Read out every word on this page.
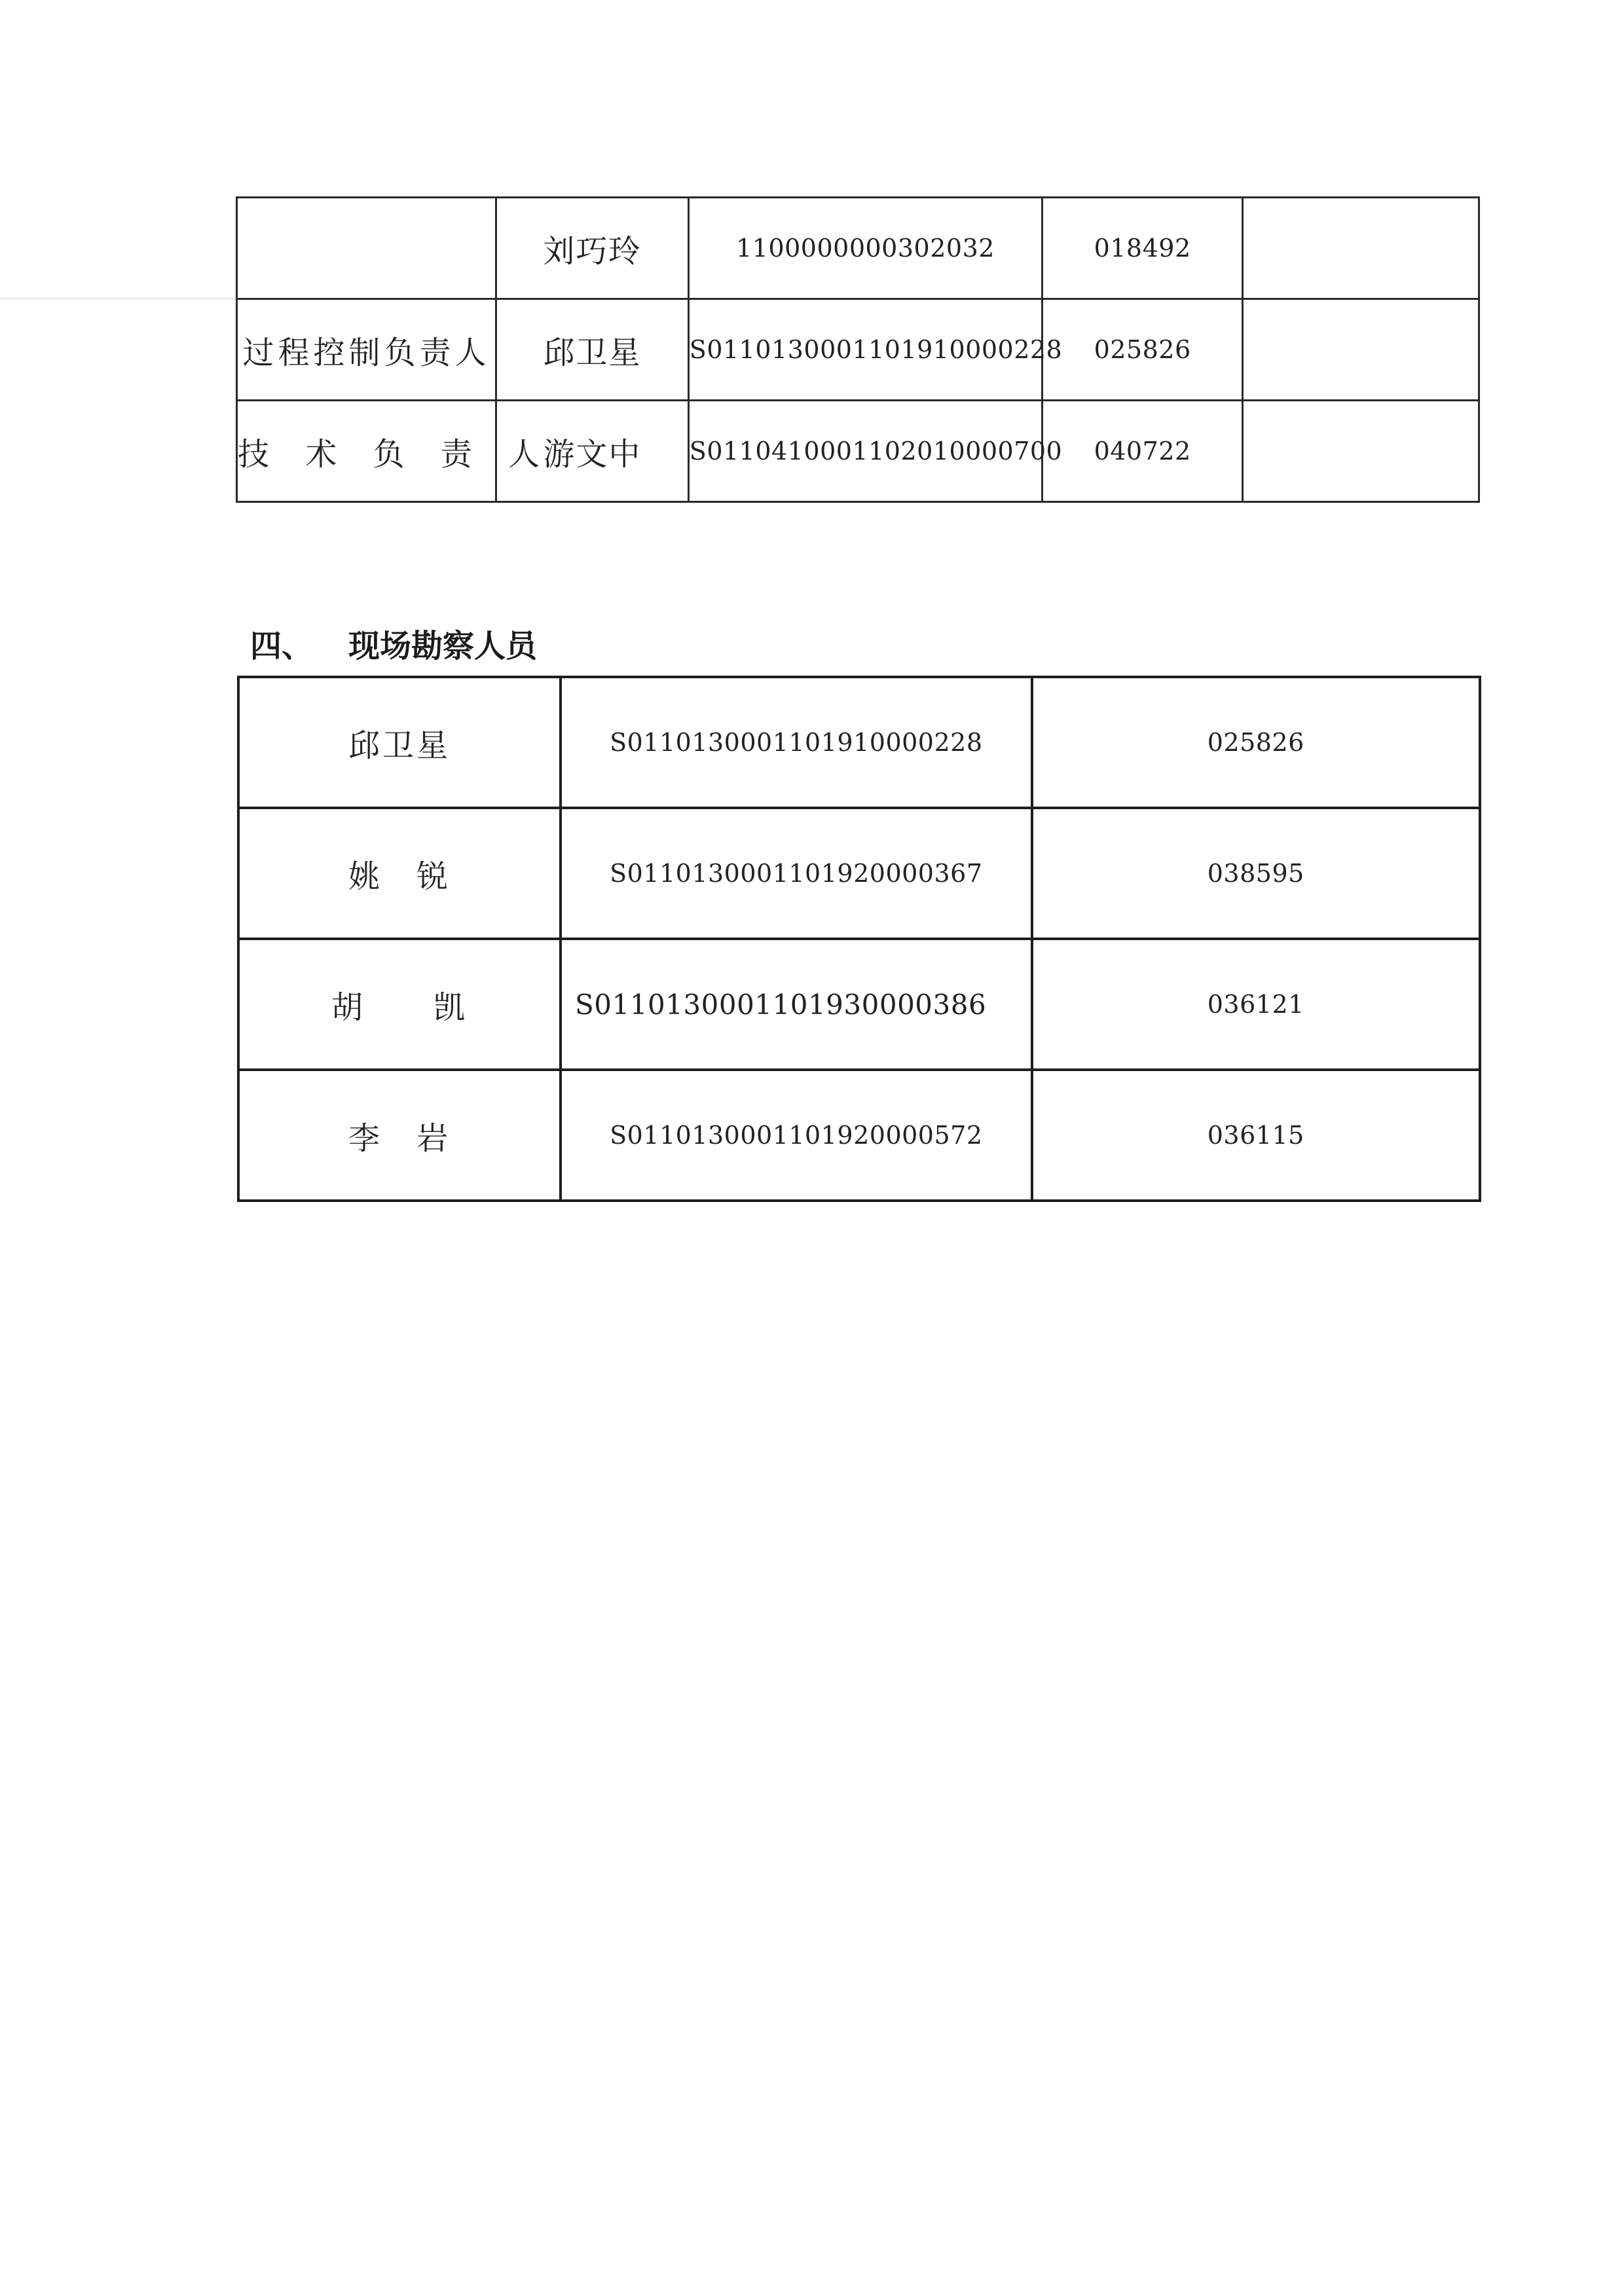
	刘巧玲	1100000000302032	018492	
过程控制负责人	邱卫星	S0110130001101910000228	025826	
技 术 负 责 人	游文中	S0110410001102010000700	040722	
四、 现场勘察人员
邱卫星	S0110130001101910000228	025826
姚　锐	S0110130001101920000367	038595
胡　　凯	S0110130001101930000386	036121
李　岩	S0110130001101920000572	036115
